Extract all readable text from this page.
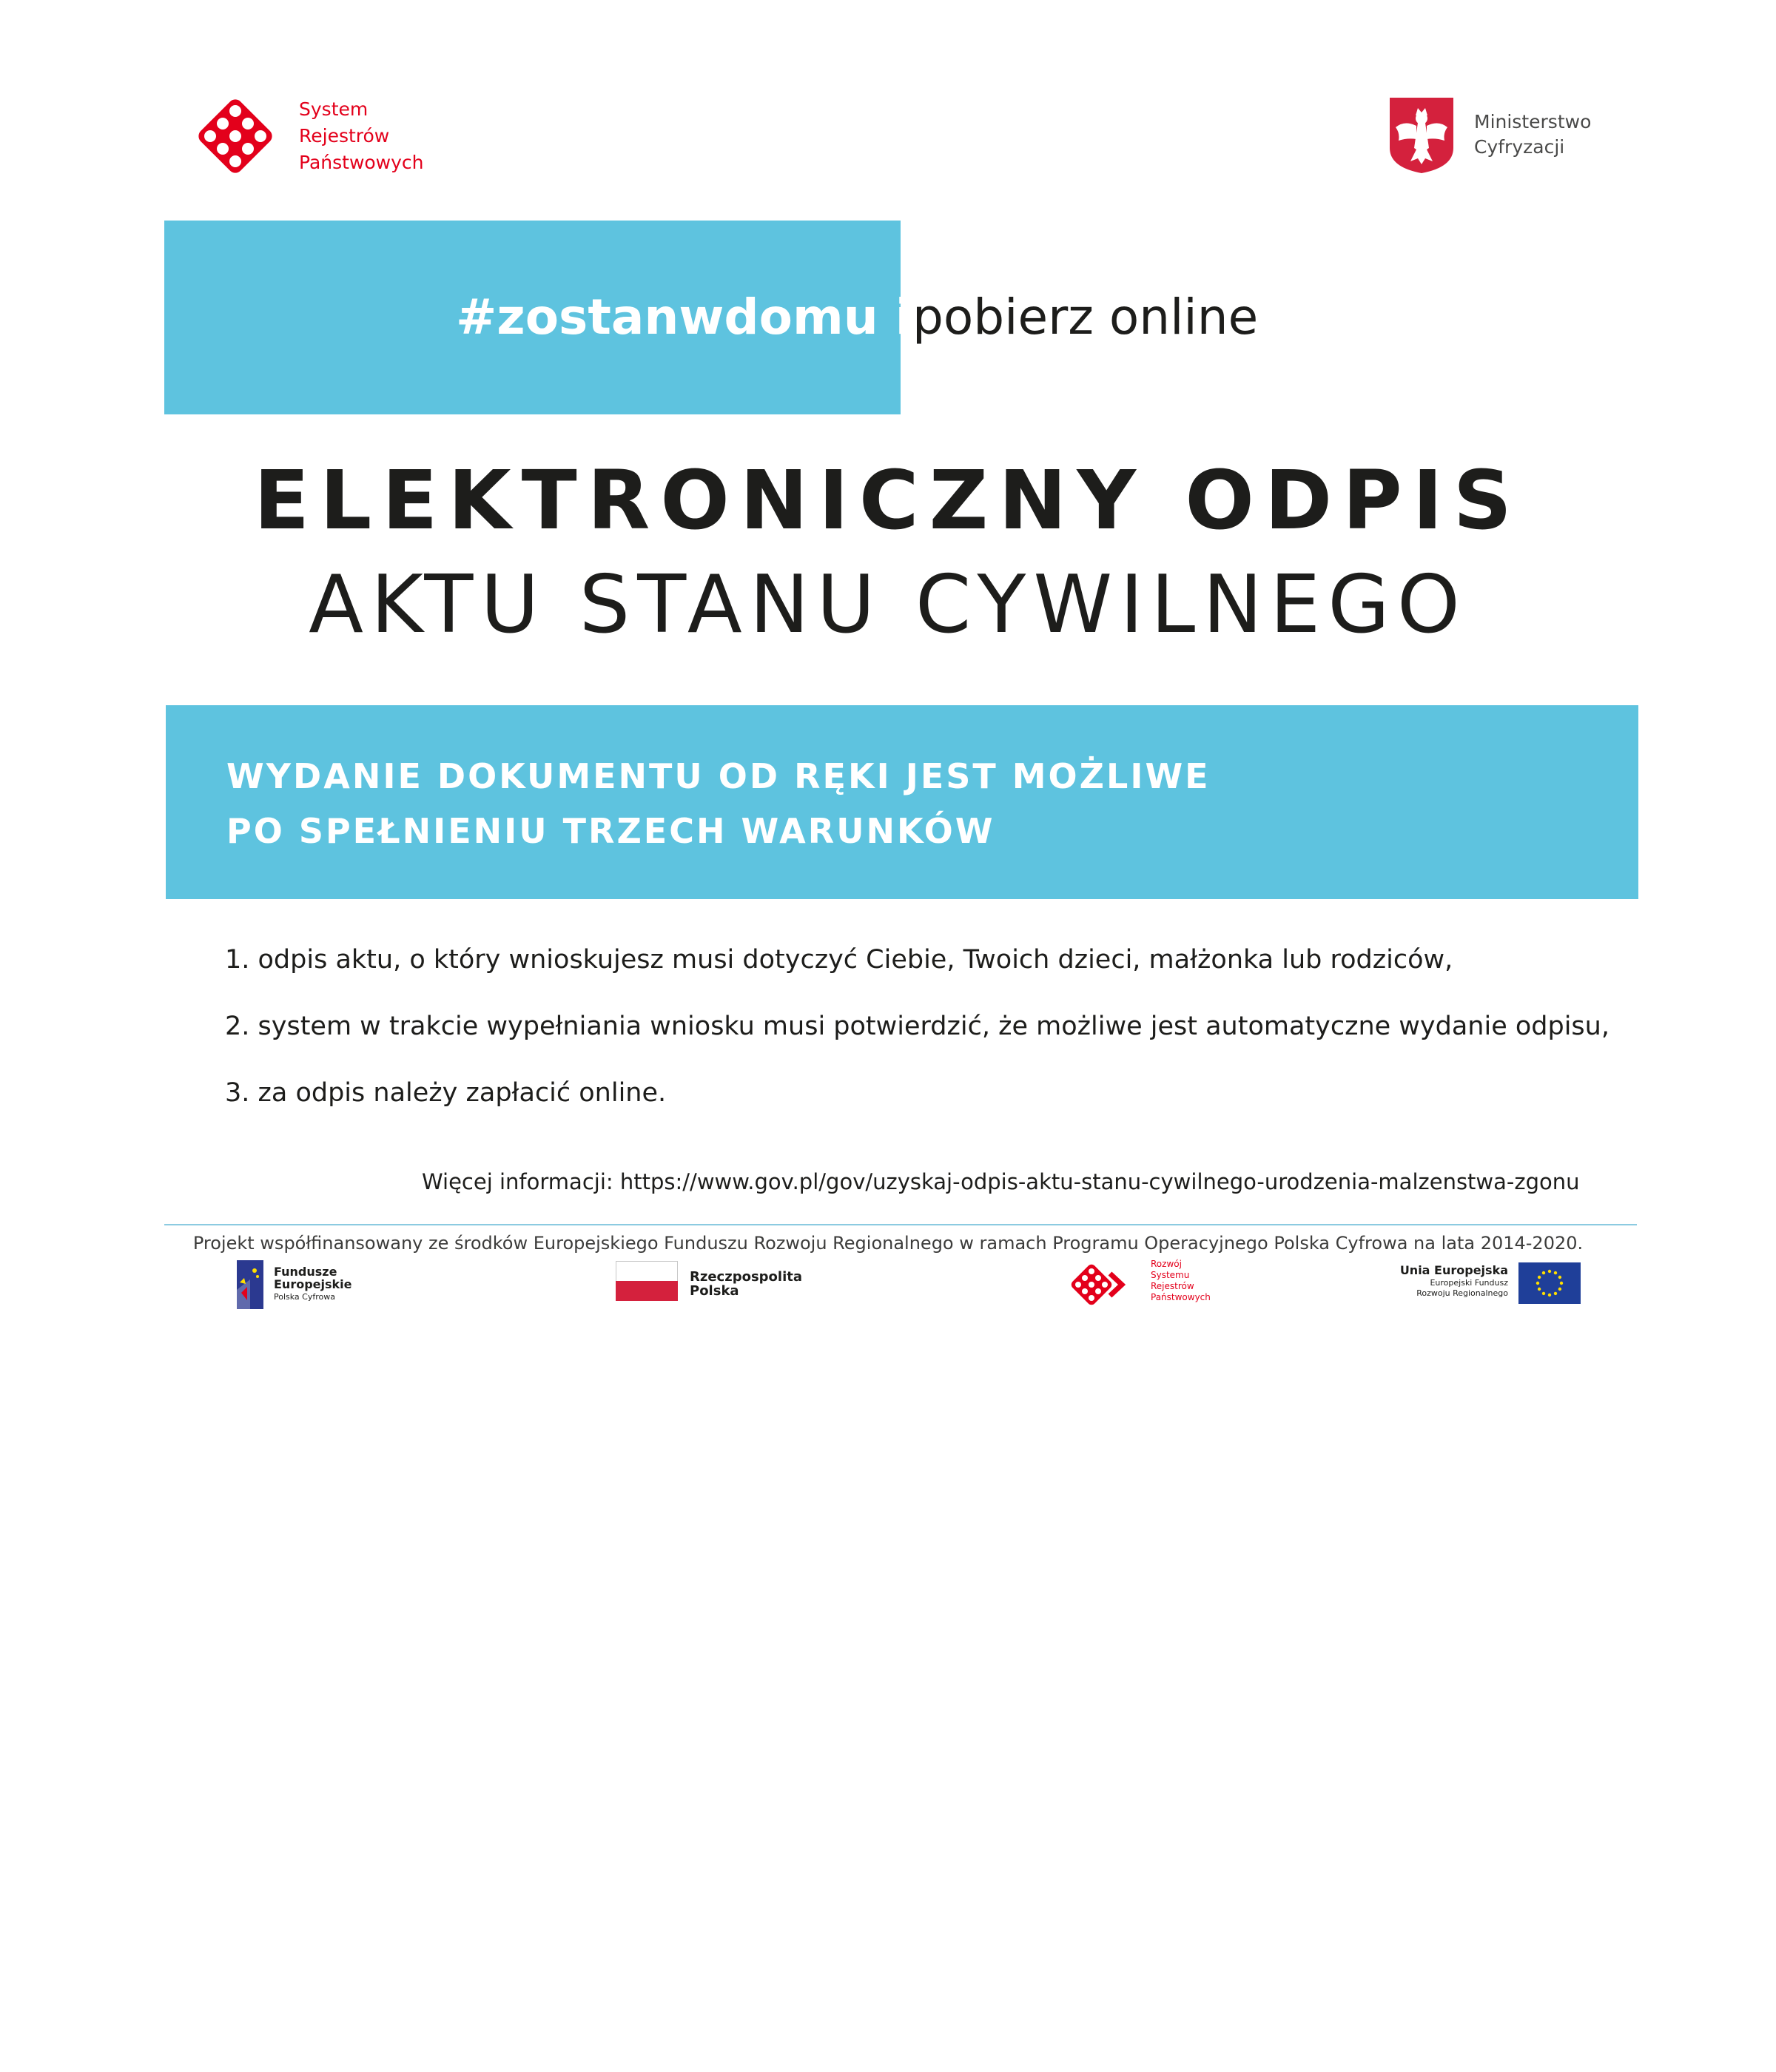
System
Rejestrów
Państwowych
Ministerstwo
Cyfryzacji
#zostanwdomu i pobierz online
ELEKTRONICZNY ODPIS
AKTU STANU CYWILNEGO
WYDANIE DOKUMENTU OD RĘKI JEST MOŻLIWE
PO SPEŁNIENIU TRZECH WARUNKÓW
1. odpis aktu, o który wnioskujesz musi dotyczyć Ciebie, Twoich dzieci, małżonka lub rodziców,
2. system w trakcie wypełniania wniosku musi potwierdzić, że możliwe jest automatyczne wydanie odpisu,
3. za odpis należy zapłacić online.
Więcej informacji: https://www.gov.pl/gov/uzyskaj-odpis-aktu-stanu-cywilnego-urodzenia-malzenstwa-zgonu
Projekt współfinansowany ze środków Europejskiego Funduszu Rozwoju Regionalnego w ramach Programu Operacyjnego Polska Cyfrowa na lata 2014-2020.
Fundusze
Europejskie
Polska Cyfrowa
Rzeczpospolita
Polska
Rozwój
Systemu
Rejestrów
Państwowych
Unia Europejska
Europejski Fundusz
Rozwoju Regionalnego
